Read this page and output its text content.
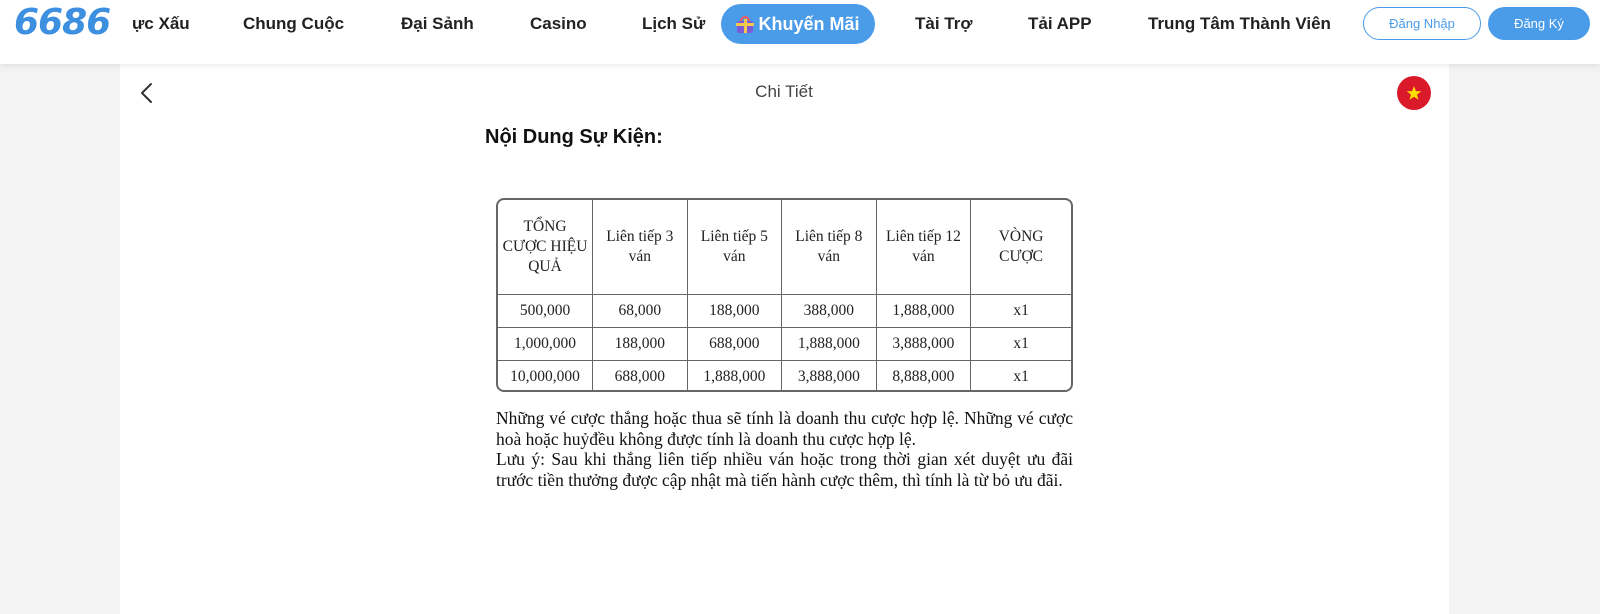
6686 ực Xấu	Chung Cuộc	Đại Sảnh	Casino	Lịch Sử	Khuyến Mãi	Tài Trợ	Tải APP	Trung Tâm Thành Viên	Đăng Nhập	Đăng Ký
Chi Tiết
Nội Dung Sự Kiện:
TỔNG CƯỢC HIỆU QUẢ	Liên tiếp 3 ván	Liên tiếp 5 ván	Liên tiếp 8 ván	Liên tiếp 12 ván	VÒNG CƯỢC
500,000	68,000	188,000	388,000	1,888,000	x1
1,000,000	188,000	688,000	1,888,000	3,888,000	x1
10,000,000	688,000	1,888,000	3,888,000	8,888,000	x1

Những vé cược thắng hoặc thua sẽ tính là doanh thu cược hợp lệ. Những vé cược hoà hoặc huỷđều không được tính là doanh thu cược hợp lệ.

Lưu ý: Sau khi thắng liên tiếp nhiều ván hoặc trong thời gian xét duyệt ưu đãi trước tiền thưởng được cập nhật mà tiến hành cược thêm, thì tính là từ bỏ ưu đãi.
